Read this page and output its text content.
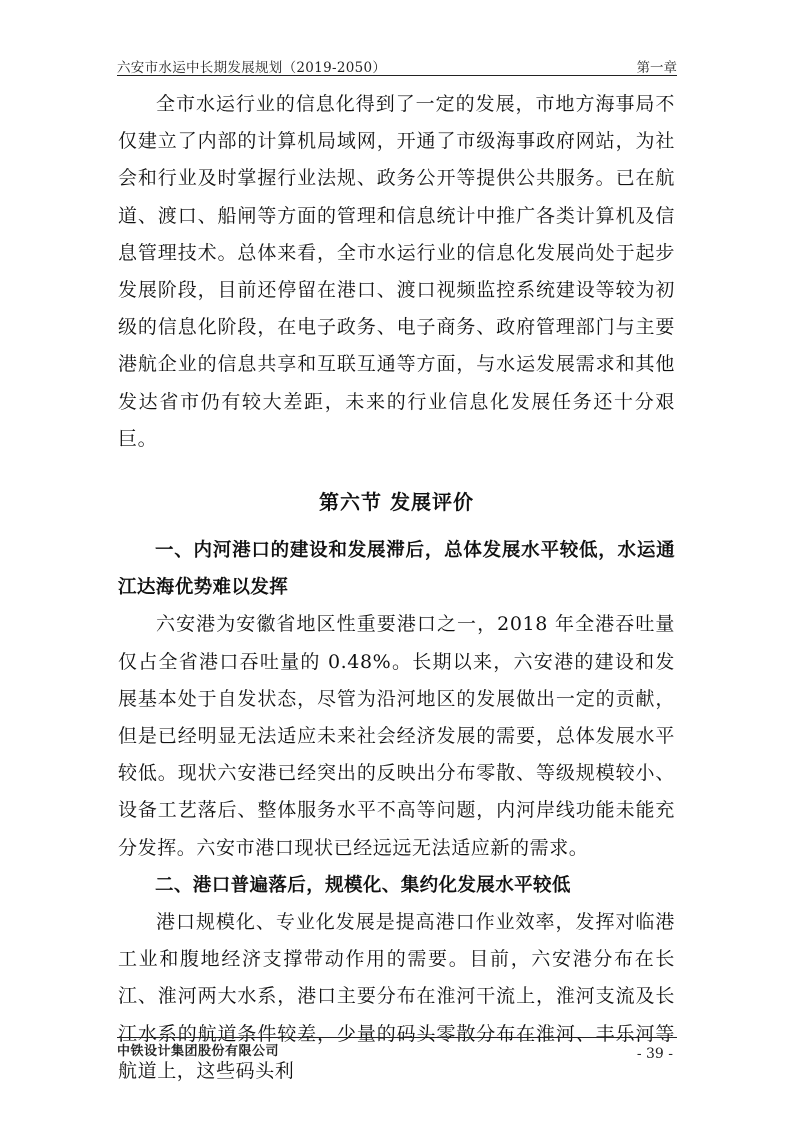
六安市水运中长期发展规划（2019-2050）	第一章

全市水运行业的信息化得到了一定的发展，市地方海事局不仅建立了内部的计算机局域网，开通了市级海事政府网站，为社会和行业及时掌握行业法规、政务公开等提供公共服务。已在航道、渡口、船闸等方面的管理和信息统计中推广各类计算机及信息管理技术。总体来看，全市水运行业的信息化发展尚处于起步发展阶段，目前还停留在港口、渡口视频监控系统建设等较为初级的信息化阶段，在电子政务、电子商务、政府管理部门与主要港航企业的信息共享和互联互通等方面，与水运发展需求和其他发达省市仍有较大差距，未来的行业信息化发展任务还十分艰巨。

第六节 发展评价

一、内河港口的建设和发展滞后，总体发展水平较低，水运通江达海优势难以发挥

六安港为安徽省地区性重要港口之一，2018 年全港吞吐量仅占全省港口吞吐量的 0.48%。长期以来，六安港的建设和发展基本处于自发状态，尽管为沿河地区的发展做出一定的贡献，但是已经明显无法适应未来社会经济发展的需要，总体发展水平较低。现状六安港已经突出的反映出分布零散、等级规模较小、设备工艺落后、整体服务水平不高等问题，内河岸线功能未能充分发挥。六安市港口现状已经远远无法适应新的需求。

二、港口普遍落后，规模化、集约化发展水平较低

港口规模化、专业化发展是提高港口作业效率，发挥对临港工业和腹地经济支撑带动作用的需要。目前，六安港分布在长江、淮河两大水系，港口主要分布在淮河干流上，淮河支流及长江水系的航道条件较差，少量的码头零散分布在淮河、丰乐河等航道上，这些码头利

中铁设计集团股份有限公司	- 39 -
